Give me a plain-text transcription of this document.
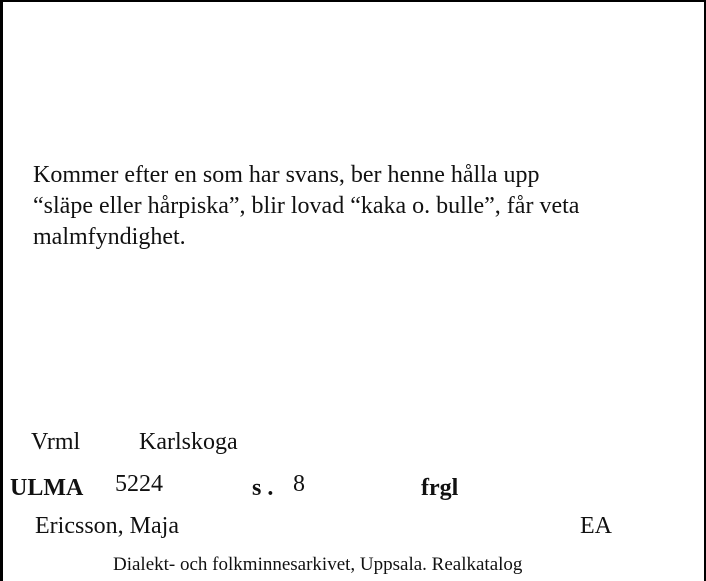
Kommer efter en som har svans, ber henne hålla upp
“släpe eller hårpiska”, blir lovad “kaka o. bulle”, får veta
malmfyndighet.
Vrml Karlskoga
ULMA 5224	s . 8	frgl
Ericsson, Maja	EA
Dialekt- och folkminnesarkivet, Uppsala. Realkatalog
